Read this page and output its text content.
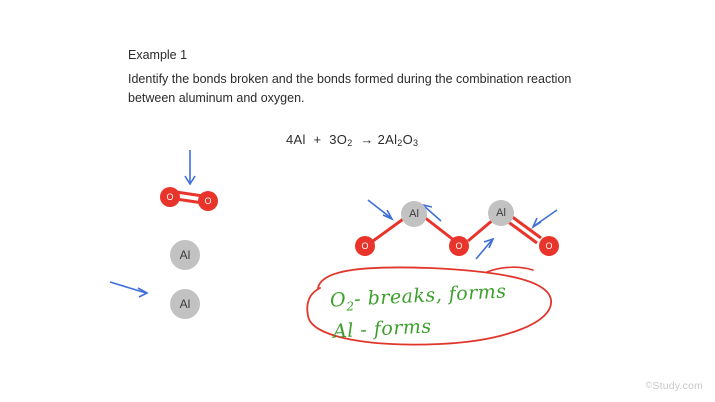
Example 1
Identify the bonds broken and the bonds formed during the combination reaction between aluminum and oxygen.
$4Al + 3O_2 \to 2Al_2O_3$
O	O
Al
Al
Al	Al
O	O	O
$O_2-$ breaks, forms
Al - forms
©Study.com
